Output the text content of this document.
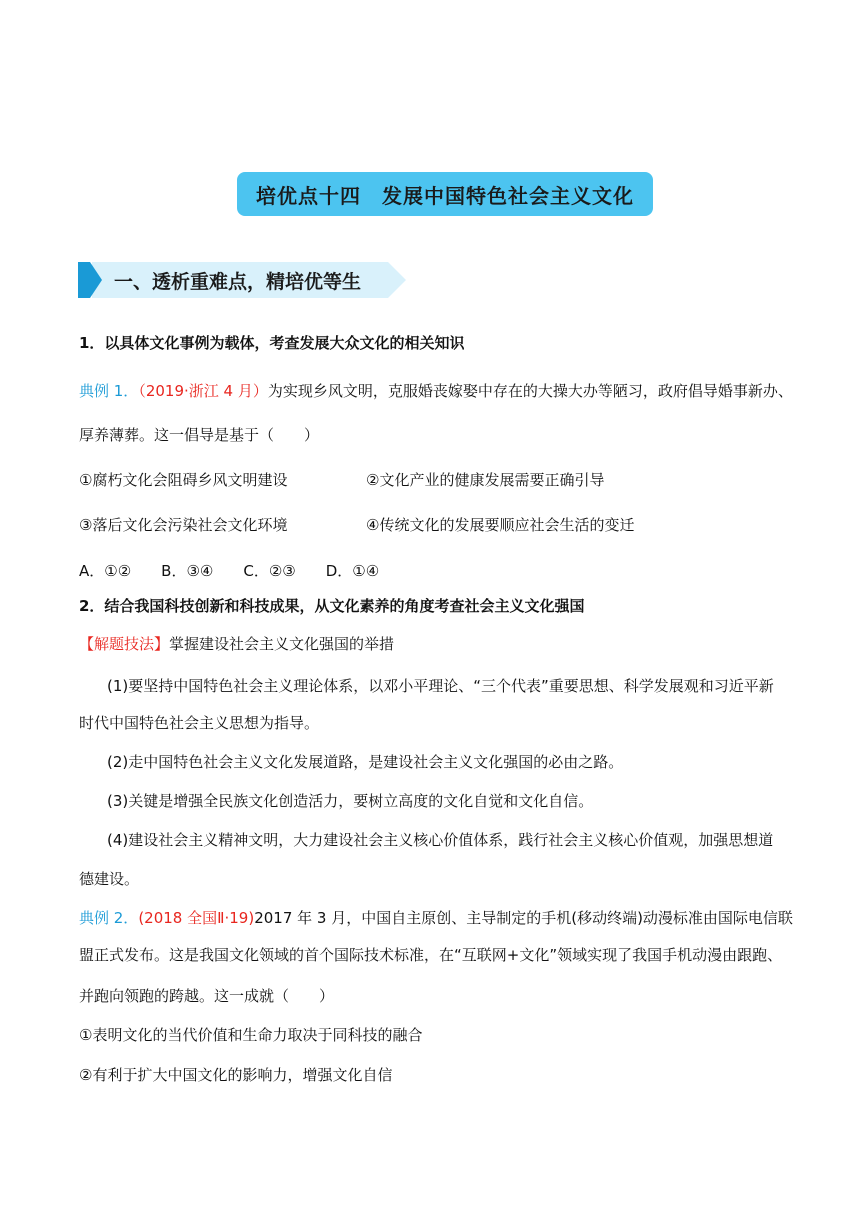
培优点十四　发展中国特色社会主义文化
一、透析重难点，精培优等生
1．以具体文化事例为载体，考查发展大众文化的相关知识
典例 1．（2019·浙江 4 月）为实现乡风文明，克服婚丧嫁娶中存在的大操大办等陋习，政府倡导婚事新办、
厚养薄葬。这一倡导是基于（　　）
①腐朽文化会阻碍乡风文明建设	②文化产业的健康发展需要正确引导
③落后文化会污染社会文化环境	④传统文化的发展要顺应社会生活的变迁
A．①②　　B．③④　　C．②③　　D．①④
2．结合我国科技创新和科技成果，从文化素养的角度考查社会主义文化强国
【解题技法】掌握建设社会主义文化强国的举措
(1)要坚持中国特色社会主义理论体系，以邓小平理论、“三个代表”重要思想、科学发展观和习近平新
时代中国特色社会主义思想为指导。
(2)走中国特色社会主义文化发展道路，是建设社会主义文化强国的必由之路。
(3)关键是增强全民族文化创造活力，要树立高度的文化自觉和文化自信。
(4)建设社会主义精神文明，大力建设社会主义核心价值体系，践行社会主义核心价值观，加强思想道
德建设。
典例 2．(2018 全国Ⅱ·19)2017 年 3 月，中国自主原创、主导制定的手机(移动终端)动漫标准由国际电信联
盟正式发布。这是我国文化领域的首个国际技术标准，在“互联网+文化”领域实现了我国手机动漫由跟跑、
并跑向领跑的跨越。这一成就（　　）
①表明文化的当代价值和生命力取决于同科技的融合
②有利于扩大中国文化的影响力，增强文化自信
